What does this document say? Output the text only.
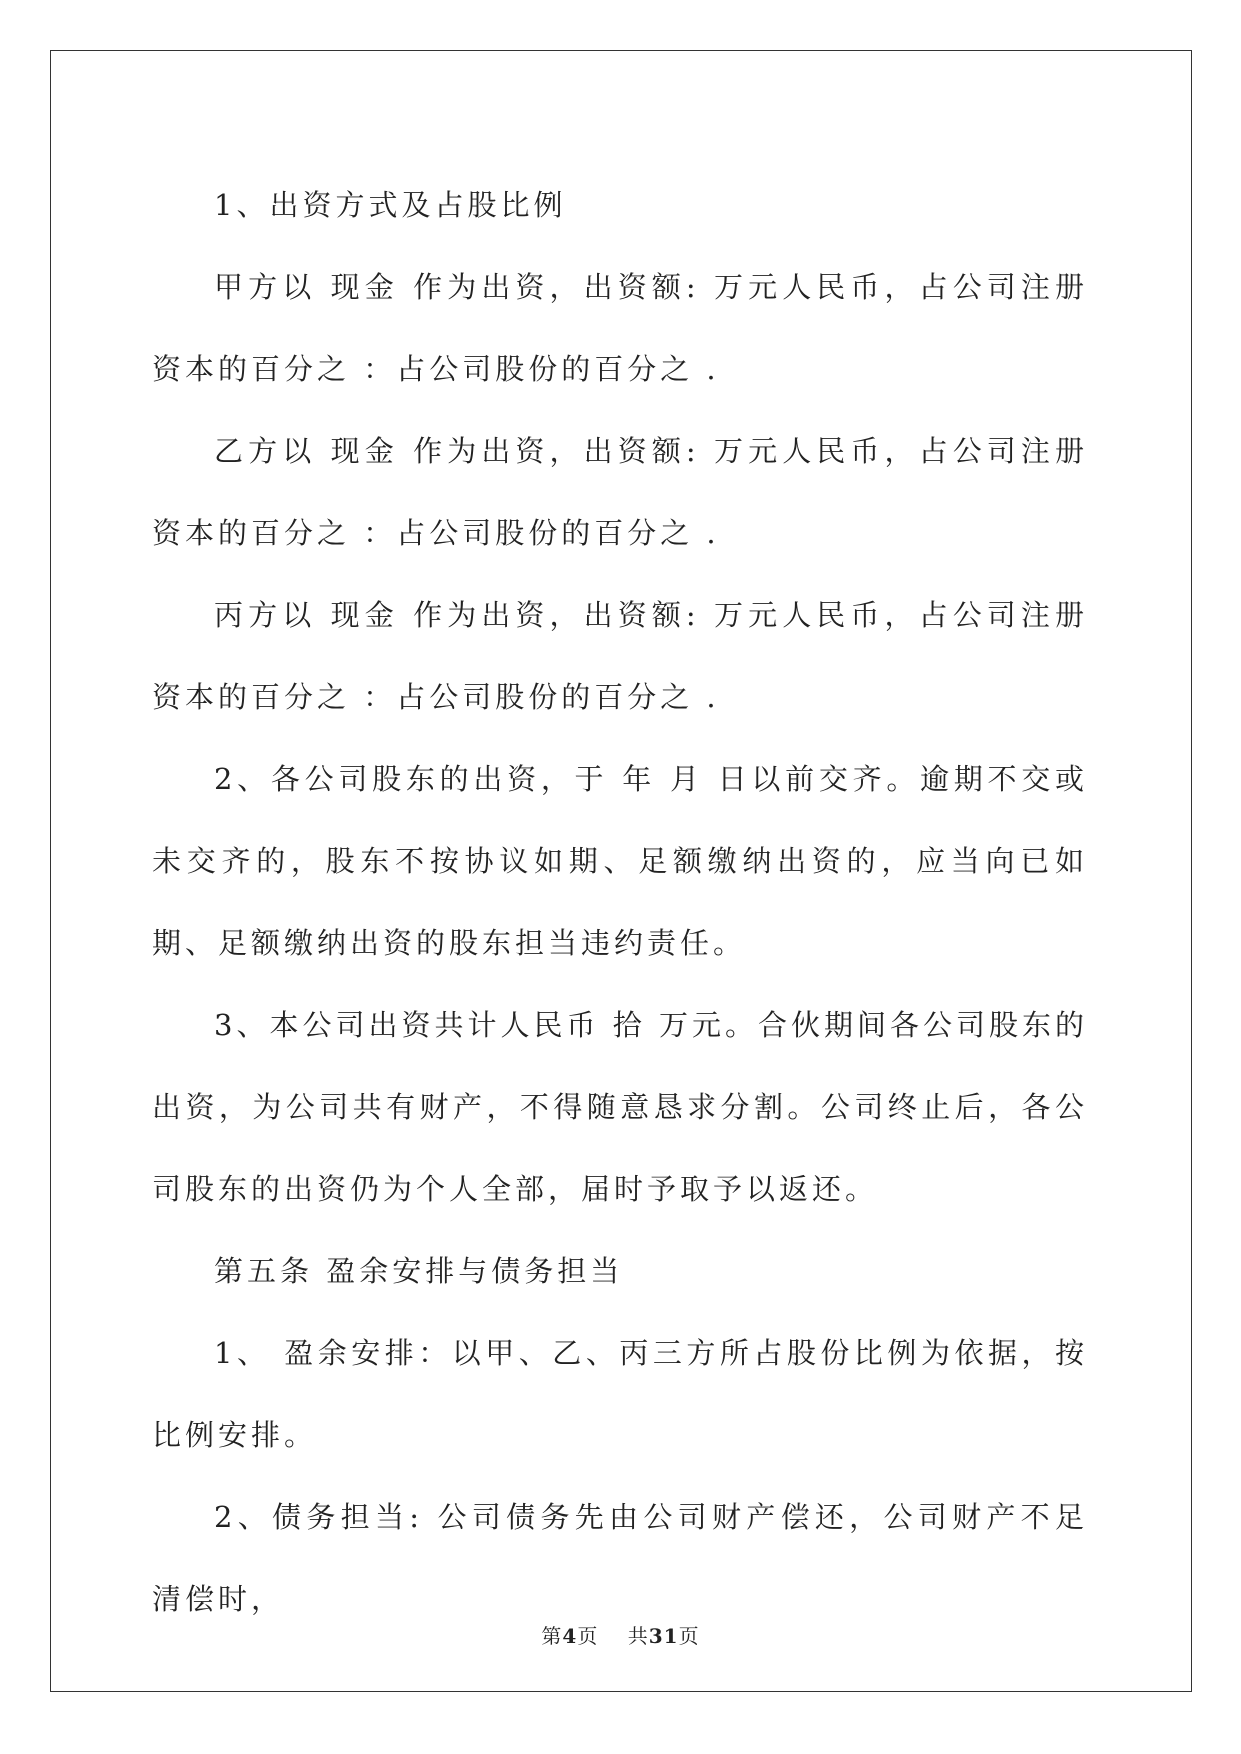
1、出资方式及占股比例

甲方以 现金 作为出资，出资额: 万元人民币，占公司注册资本的百分之 ：占公司股份的百分之 .

乙方以 现金 作为出资，出资额: 万元人民币，占公司注册资本的百分之 ：占公司股份的百分之 .

丙方以 现金 作为出资，出资额: 万元人民币，占公司注册资本的百分之 ：占公司股份的百分之 .

2、各公司股东的出资，于 年 月 日以前交齐。逾期不交或未交齐的，股东不按协议如期、足额缴纳出资的，应当向已如期、足额缴纳出资的股东担当违约责任。

3、本公司出资共计人民币 拾 万元。合伙期间各公司股东的出资，为公司共有财产，不得随意恳求分割。公司终止后，各公司股东的出资仍为个人全部，届时予取予以返还。

第五条 盈余安排与债务担当

1、 盈余安排：以甲、乙、丙三方所占股份比例为依据，按比例安排。

2、债务担当: 公司债务先由公司财产偿还，公司财产不足清偿时，

第4页 共31页
